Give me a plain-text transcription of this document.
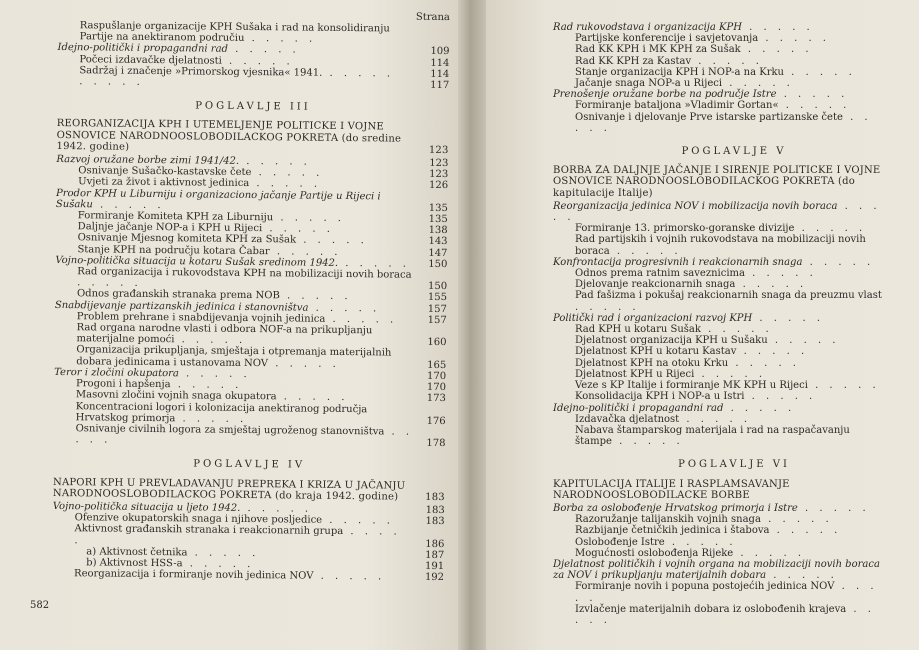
Strana
Raspušlanje organizacije KPH Sušaka i rad na konsolidiranju Partije na anektiranom područiu . . . . .
Idejno-politički i propagandni rad . . . . .	109
Počeci izdavačke djelatnosti . . . . .	114
Sadržaj i značenje »Primorskog vjesnika« 1941. . . . . .	114
. . . . .	117
POGLAVLJE III
REORGANIZACIJA KPH I UTEMELJENJE POLITICKE I VOJNE OSNOVICE NARODNOOSLOBODILACKOG POKRETA (do sredine 1942. godine)	123
Razvoj oružane borbe zimi 1941/42. . . . . .	123
Osnivanje Sušačko-kastavske čete . . . . .	123
Uvjeti za život i aktivnost jedinica . . . . .	126
Prodor KPH u Liburniju i organizaciono jačanje Partije u Rijeci i Sušaku . . . . .	135
Formiranje Komiteta KPH za Liburniju . . . . .	135
Daljnje jačanje NOP-a i KPH u Rijeci . . . . .	138
Osnivanje Mjesnog komiteta KPH za Sušak . . . . .	143
Stanje KPH na području kotara Čabar . . . . .	147
Vojno-politička situacija u kotaru Sušak sredinom 1942. . . . . .	150
Rad organizacija i rukovodstava KPH na mobilizaciji novih boraca . . . . .	150
Odnos građanskih stranaka prema NOB . . . . .	155
Snabdijevanje partizanskih jedinica i stanovništva . . . . .	157
Problem prehrane i snabdijevanja vojnih jedinica . . . . .	157
Rad organa narodne vlasti i odbora NOF-a na prikupljanju materijalne pomoći . . . . .	160
Organizacija prikupljanja, smještaja i otpremanja materijalnih dobara jedinicama i ustanovama NOV . . . . .	165
Teror i zločini okupatora . . . . .	170
Progoni i hapšenja . . . . .	170
Masovni zločini vojnih snaga okupatora . . . . .	173
Koncentracioni logori i kolonizacija anektiranog područja Hrvatskog primorja . . . . .	176
Osnivanje civilnih logora za smještaj ugroženog stanovništva . . . . .	178
POGLAVLJE IV
NAPORI KPH U PREVLADAVANJU PREPREKA I KRIZA U JAČANJU NARODNOOSLOBODILACKOG POKRETA (do kraja 1942. godine)	183
Vojno-politička situacija u ljeto 1942. . . . . .	183
Ofenzive okupatorskih snaga i njihove posljedice . . . . .	183
Aktivnost građanskih stranaka i reakcionarnih grupa . . . . .	186
a) Aktivnost četnika . . . . .	187
b) Aktivnost HSS-a . . . . .	191
Reorganizacija i formiranje novih jedinica NOV . . . . .	192
582
Rad rukovodstava i organizacija KPH . . . . .
Partijske konferencije i savjetovanja . . . . .
Rad KK KPH i MK KPH za Sušak . . . . .
Rad KK KPH za Kastav . . . . .
Stanje organizacija KPH i NOP-a na Krku . . . . .
Jačanje snaga NOP-a u Rijeci . . . . .
Prenošenje oružane borbe na područje Istre . . . . .
Formiranje bataljona »Vladimir Gortan« . . . . .
Osnivanje i djelovanje Prve istarske partizanske čete . . . . .
POGLAVLJE V
BORBA ZA DALJNJE JAČANJE I SIRENJE POLITICKE I VOJNE OSNOVICE NARODNOOSLOBODILACKOG POKRETA (do kapitulacije Italije)
Reorganizacija jedinica NOV i mobilizacija novih boraca . . . . .
Formiranje 13. primorsko-goranske divizije . . . . .
Rad partijskih i vojnih rukovodstava na mobilizaciji novih boraca . . . . .
Konfrontacija progresivnih i reakcionarnih snaga . . . . .
Odnos prema ratnim saveznicima . . . . .
Djelovanje reakcionarnih snaga . . . . .
Pad fašizma i pokušaj reakcionarnih snaga da preuzmu vlast . . . . .
Politički rad i organizacioni razvoj KPH . . . . .
Rad KPH u kotaru Sušak . . . . .
Djelatnost organizacija KPH u Sušaku . . . . .
Djelatnost KPH u kotaru Kastav . . . . .
Djelatnost KPH na otoku Krku . . . . .
Djelatnost KPH u Rijeci . . . . .
Veze s KP Italije i formiranje MK KPH u Rijeci . . . . .
Konsolidacija KPH i NOP-a u Istri . . . . .
Idejno-politički i propagandni rad . . . . .
Izdavačka djelatnost . . . . .
Nabava štamparskog materijala i rad na raspačavanju štampe . . . . .
POGLAVLJE VI
KAPITULACIJA ITALIJE I RASPLAMSAVANJE NARODNOOSLOBODILACKE BORBE
Borba za oslobođenje Hrvatskog primorja i Istre . . . . .
Razoružanje talijanskih vojnih snaga . . . . .
Razbijanje četničkih jedinica i štabova . . . . .
Oslobođenje Istre . . . . .
Mogućnosti oslobođenja Rijeke . . . . .
Djelatnost političkih i vojnih organa na mobilizaciji novih boraca za NOV i prikupljanju materijalnih dobara . . . . .
Formiranje novih i popuna postojećih jedinica NOV . . . . .
Izvlačenje materijalnih dobara iz oslobođenih krajeva . . . . .
